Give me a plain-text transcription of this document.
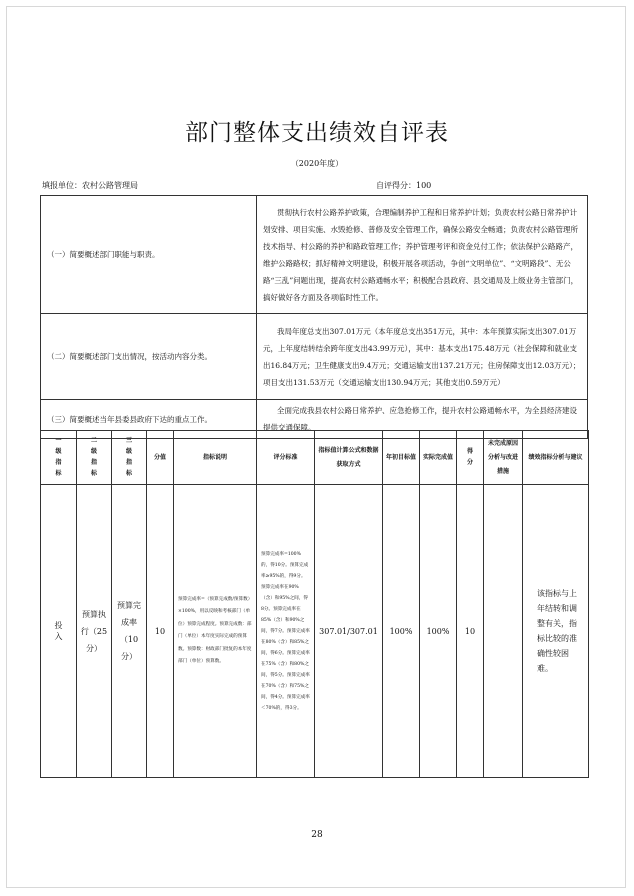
部门整体支出绩效自评表
（2020年度）
填报单位：农村公路管理局	自评得分：100
（一）简要概述部门职能与职责。	贯彻执行农村公路养护政策，合理编制养护工程和日常养护计划；负责农村公路日常养护计划安排、项目实施、水毁抢修、普修及安全管理工作，确保公路安全畅通；负责农村公路管理所技术指导、村公路的养护和路政管理工作；养护管理考评和资金兑付工作；依法保护公路路产，维护公路路权；抓好精神文明建设，积极开展各项活动，争创“文明单位”、“文明路段”、无公路“三乱”问题出现，提高农村公路通畅水平；积极配合县政府、县交通局及上级业务主管部门，搞好做好各方面及各项临时性工作。
（二）简要概述部门支出情况，按活动内容分类。	我局年度总支出307.01万元（本年度总支出351万元，其中：本年预算实际支出307.01万元，上年度结转结余跨年度支出43.99万元），其中：基本支出175.48万元（社会保障和就业支出16.84万元；卫生健康支出9.4万元；交通运输支出137.21万元；住房保障支出12.03万元）；项目支出131.53万元（交通运输支出130.94万元；其他支出0.59万元）
（三）简要概述当年县委县政府下达的重点工作。	全面完成我县农村公路日常养护、应急抢修工作，提升农村公路通畅水平，为全县经济建设提供交通保障。
一级指标	二级指标	三级指标	分值	指标说明	评分标准	指标值计算公式和数据获取方式	年初目标值	实际完成值	得分	未完成原因分析与改进措施	绩效指标分析与建议
投入	预算执行（25分）	预算完成率（10分）	10	预算完成率=（预算完成数/预算数）×100%，用以反映和考核部门（单位）预算完成程度。预算完成数：部门（单位）本年度实际完成的预算数。预算数：财政部门批复的本年度部门（单位）预算数。	预算完成率=100%的，得10分。预算完成率≥95%的，得9分。预算完成率在90%（含）和95%之间，得8分。预算完成率在85%（含）和90%之间，得7分。预算完成率在80%（含）和85%之间，得6分。预算完成率在75%（含）和80%之间，得5分。预算完成率在70%（含）和75%之间，得4分。预算完成率＜70%的，得3分。	307.01/307.01	100%	100%	10		该指标与上年结转和调整有关，指标比较的准确性较困难。
28
